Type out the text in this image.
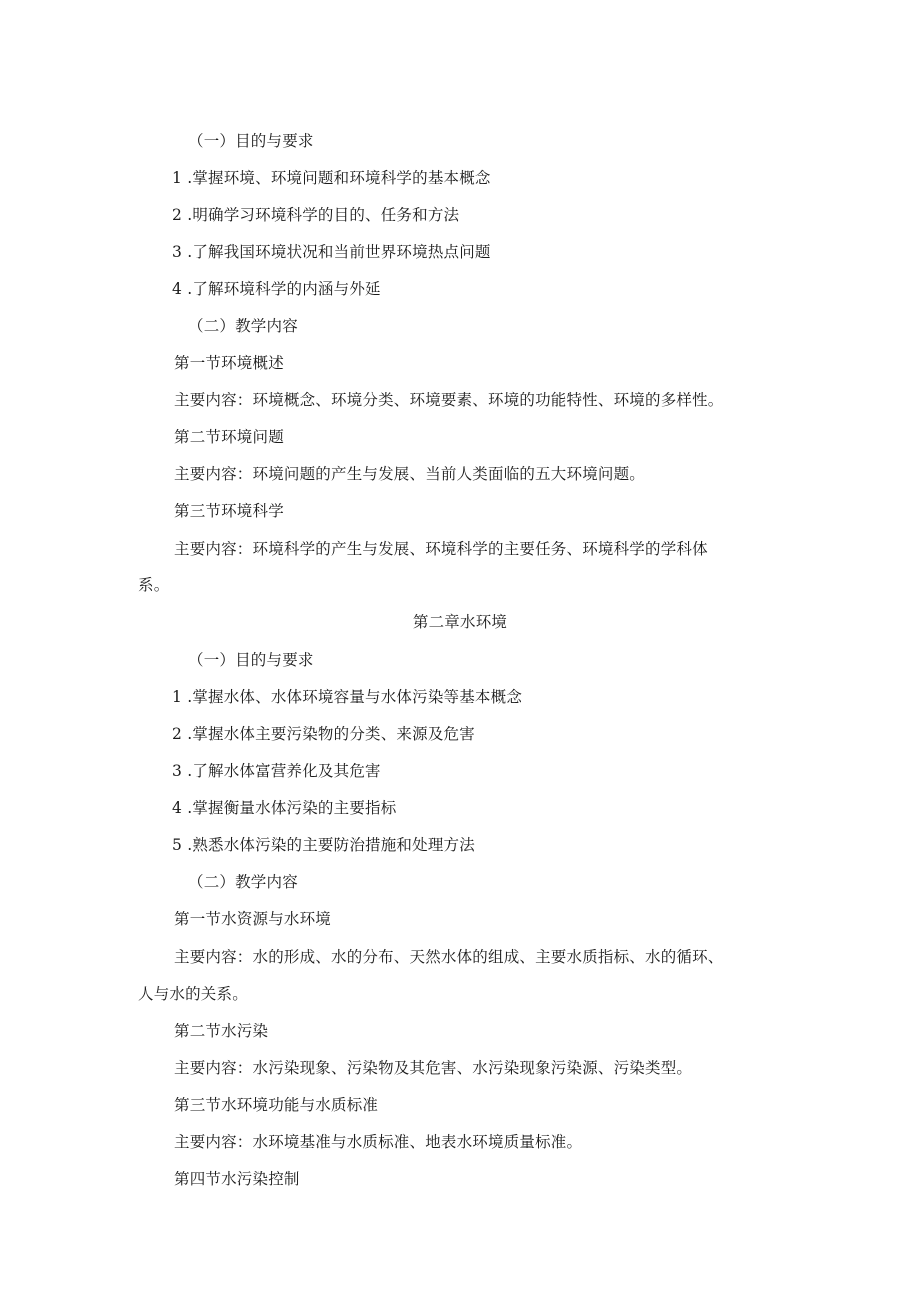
（一）目的与要求
1 .掌握环境、环境问题和环境科学的基本概念
2 .明确学习环境科学的目的、任务和方法
3 .了解我国环境状况和当前世界环境热点问题
4 .了解环境科学的内涵与外延
（二）教学内容
第一节环境概述
主要内容：环境概念、环境分类、环境要素、环境的功能特性、环境的多样性。
第二节环境问题
主要内容：环境问题的产生与发展、当前人类面临的五大环境问题。
第三节环境科学
主要内容：环境科学的产生与发展、环境科学的主要任务、环境科学的学科体
系。
第二章水环境
（一）目的与要求
1 .掌握水体、水体环境容量与水体污染等基本概念
2 .掌握水体主要污染物的分类、来源及危害
3 .了解水体富营养化及其危害
4 .掌握衡量水体污染的主要指标
5 .熟悉水体污染的主要防治措施和处理方法
（二）教学内容
第一节水资源与水环境
主要内容：水的形成、水的分布、天然水体的组成、主要水质指标、水的循环、
人与水的关系。
第二节水污染
主要内容：水污染现象、污染物及其危害、水污染现象污染源、污染类型。
第三节水环境功能与水质标准
主要内容：水环境基准与水质标准、地表水环境质量标准。
第四节水污染控制
